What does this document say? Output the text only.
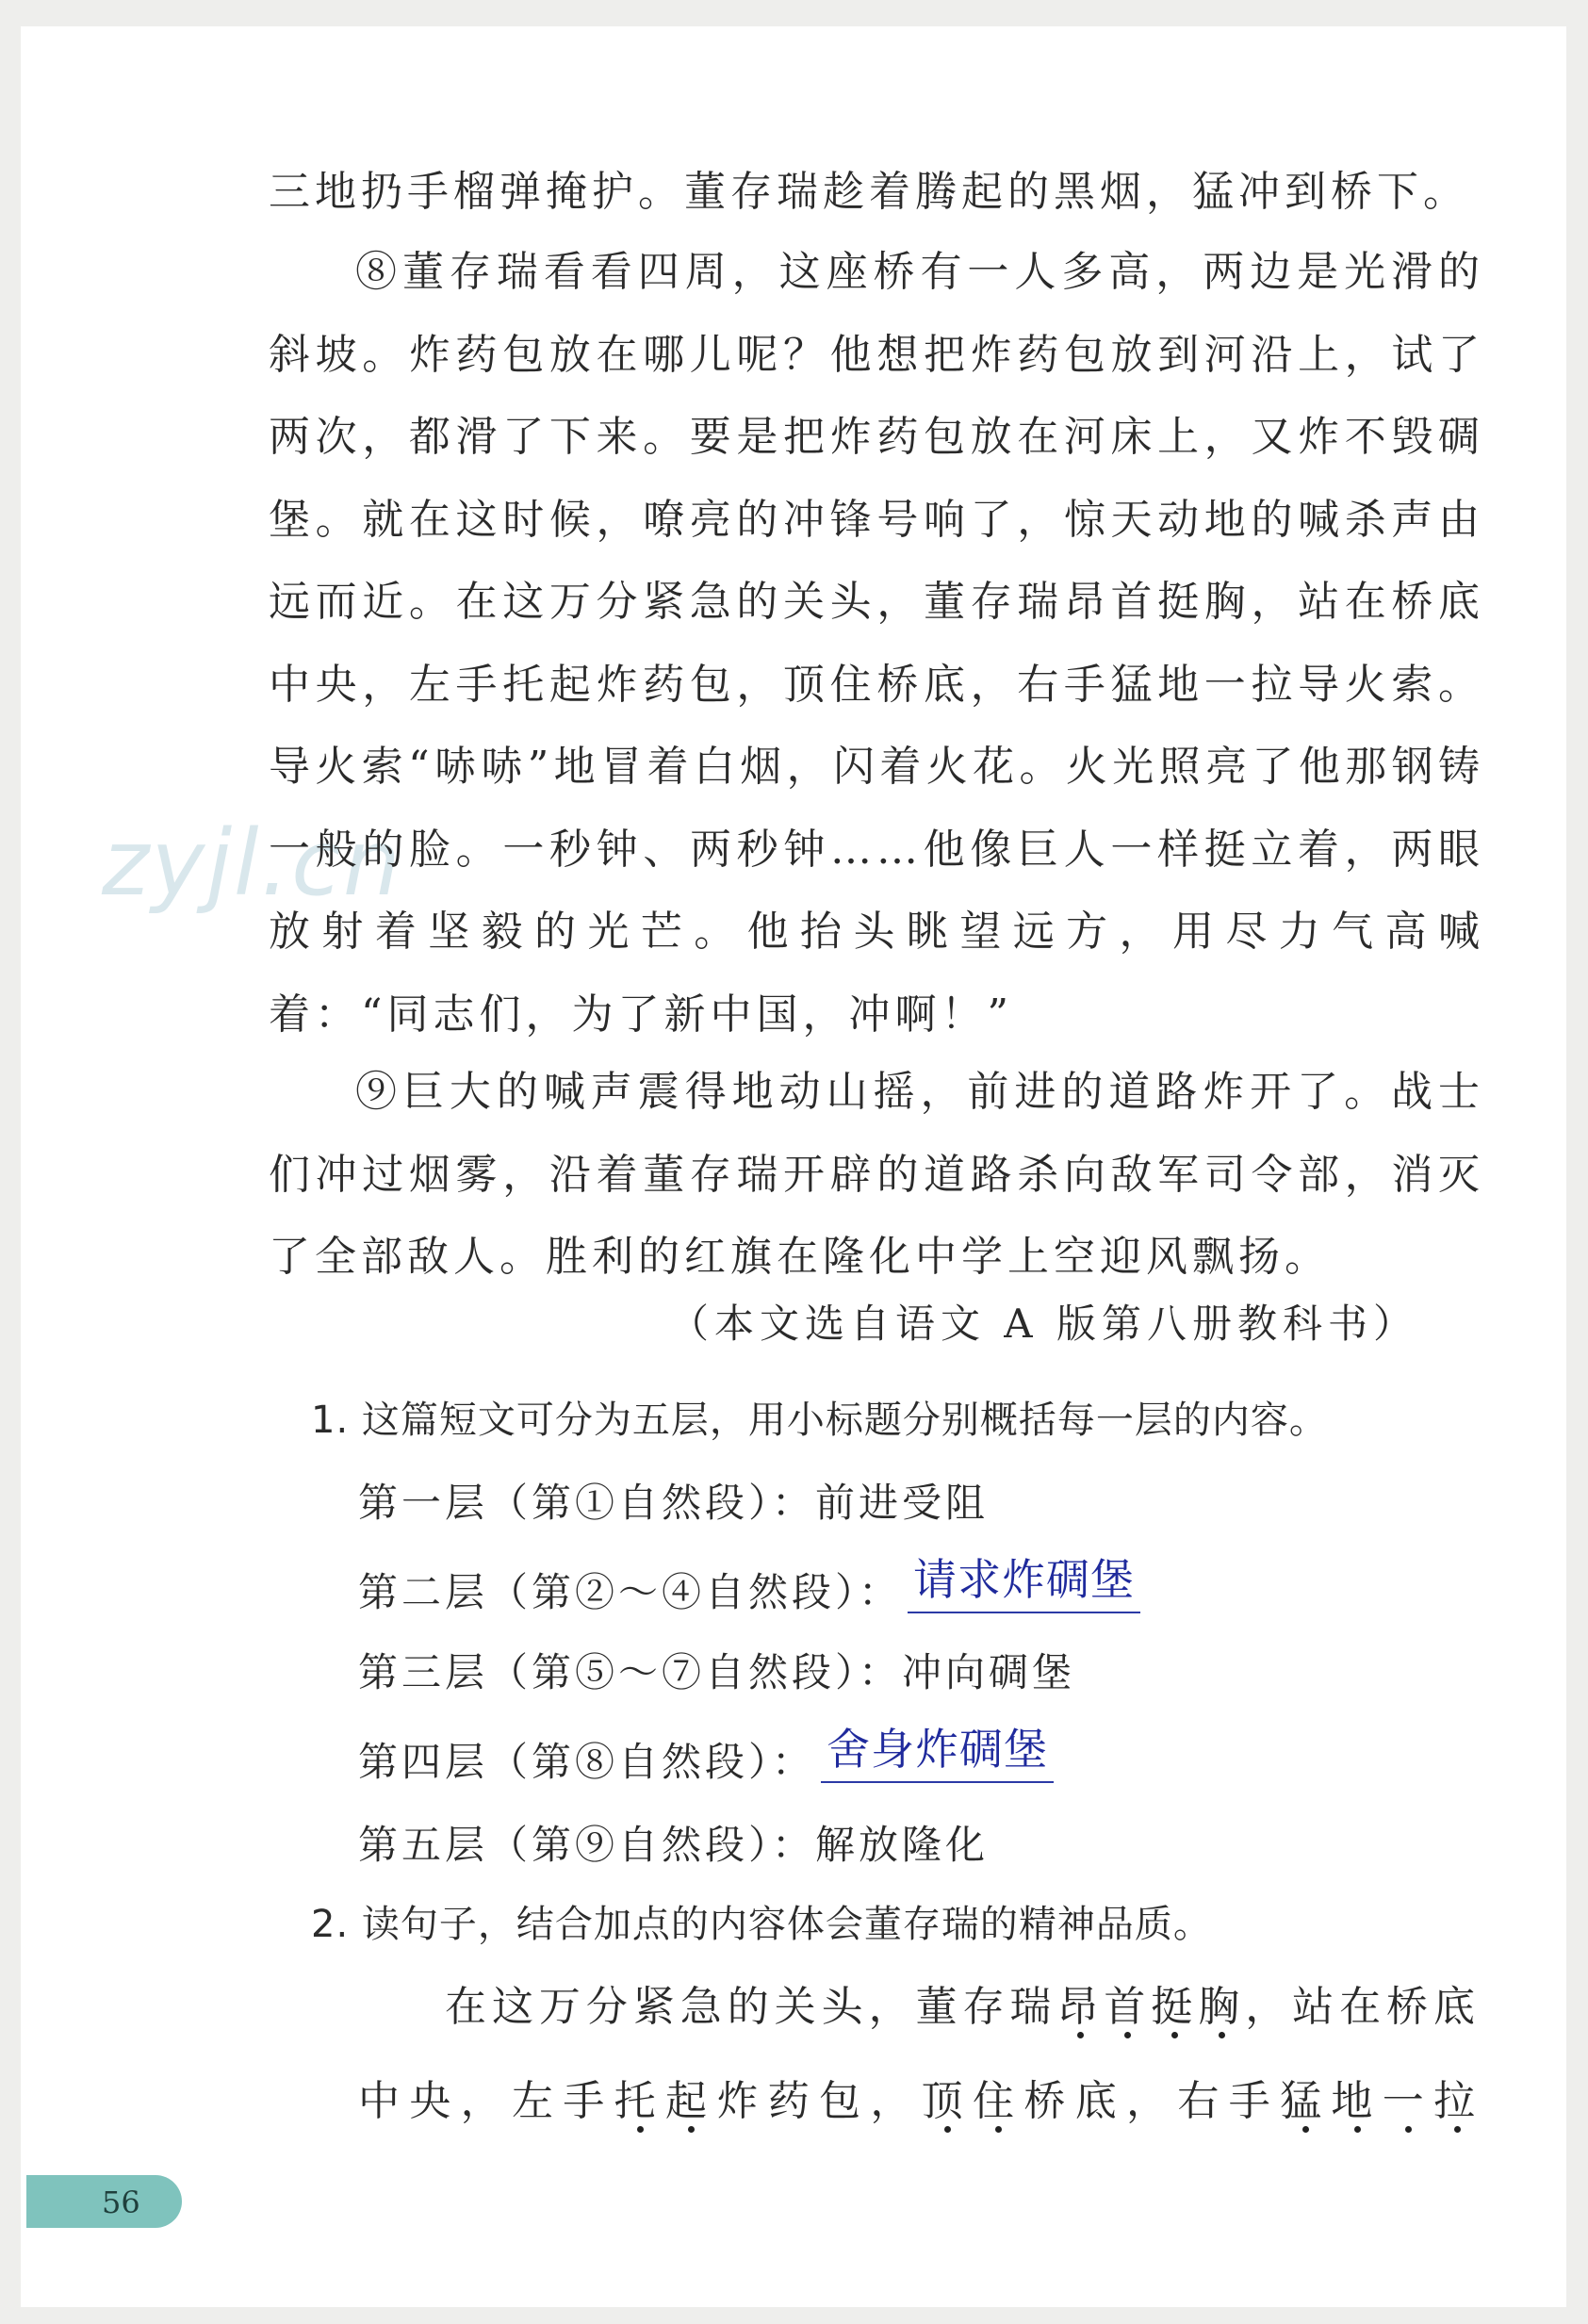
zyjl.cn

三地扔手榴弹掩护。董存瑞趁着腾起的黑烟，猛冲到桥下。

⑧董存瑞看看四周，这座桥有一人多高，两边是光滑的斜坡。炸药包放在哪儿呢？他想把炸药包放到河沿上，试了两次，都滑了下来。要是把炸药包放在河床上，又炸不毁碉堡。就在这时候，嘹亮的冲锋号响了，惊天动地的喊杀声由远而近。在这万分紧急的关头，董存瑞昂首挺胸，站在桥底中央，左手托起炸药包，顶住桥底，右手猛地一拉导火索。导火索“哧哧”地冒着白烟，闪着火花。火光照亮了他那钢铸一般的脸。一秒钟、两秒钟……他像巨人一样挺立着，两眼放射着坚毅的光芒。他抬头眺望远方，用尽力气高喊着：“同志们，为了新中国，冲啊！”

⑨巨大的喊声震得地动山摇，前进的道路炸开了。战士们冲过烟雾，沿着董存瑞开辟的道路杀向敌军司令部，消灭了全部敌人。胜利的红旗在隆化中学上空迎风飘扬。

（本文选自语文 A 版第八册教科书）

1. 这篇短文可分为五层，用小标题分别概括每一层的内容。

第一层（第①自然段）：前进受阻
第二层（第②～④自然段）： 请求炸碉堡
第三层（第⑤～⑦自然段）：冲向碉堡
第四层（第⑧自然段）： 舍身炸碉堡
第五层（第⑨自然段）：解放隆化

2. 读句子，结合加点的内容体会董存瑞的精神品质。

在这万分紧急的关头，董存瑞昂首挺胸，站在桥底中央，左手托起炸药包，顶住桥底，右手猛地一拉

56
